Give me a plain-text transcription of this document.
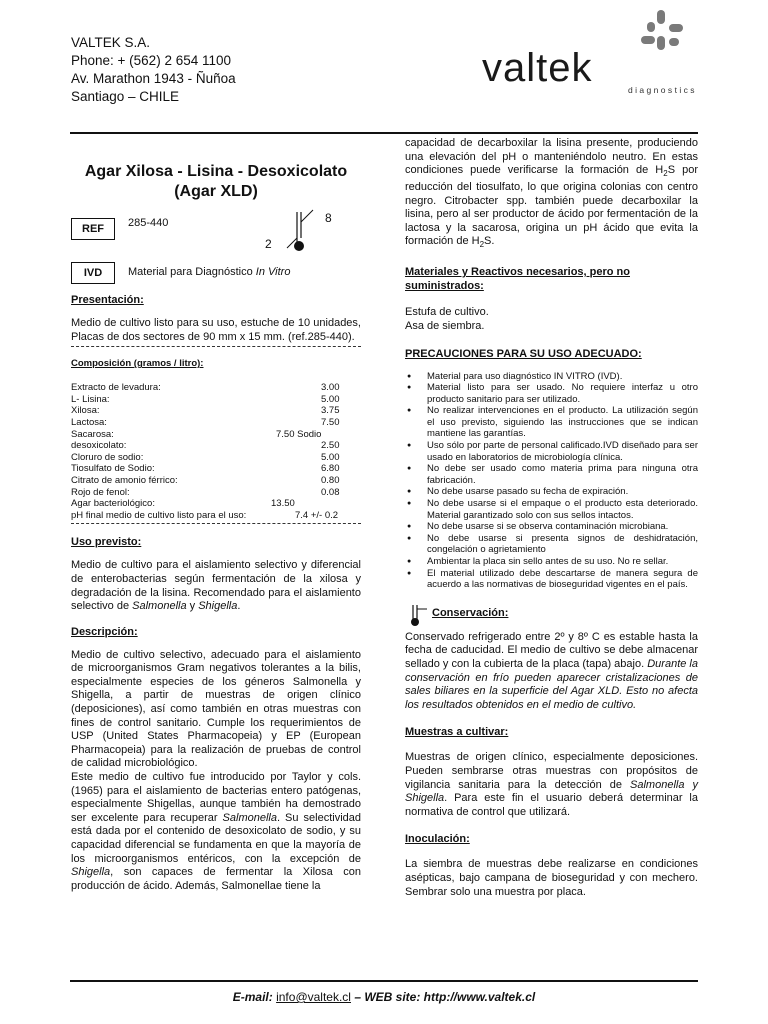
VALTEK S.A.
Phone: + (562) 2 654 1100
Av. Marathon 1943 - Ñuñoa
Santiago – CHILE
valtek	diagnostics
Agar Xilosa - Lisina - Desoxicolato
(Agar XLD)
REF	285-440
2
8
IVD	Material para Diagnóstico In Vitro
Presentación:

Medio de cultivo listo para su uso, estuche de 10 unidades, Placas de dos sectores de 90 mm x 15 mm. (ref.285-440).

Composición (gramos / litro):
Extracto de levadura:	3.00
L- Lisina:	5.00
Xilosa:	3.75
Lactosa:	7.50
Sacarosa:	7.50 Sodio
desoxicolato:	2.50
Cloruro de sodio:	5.00
Tiosulfato de Sodio:	6.80
Citrato de amonio férrico:	0.80
Rojo de fenol:	0.08
Agar bacteriológico:	13.50
pH final medio de cultivo listo para el uso:	7.4 +/- 0.2
Uso previsto:

Medio de cultivo para el aislamiento selectivo y diferencial de enterobacterias según fermentación de la xilosa y degradación de la lisina. Recomendado para el aislamiento selectivo de Salmonella y Shigella.

Descripción:

Medio de cultivo selectivo, adecuado para el aislamiento de microorganismos Gram negativos tolerantes a la bilis, especialmente especies de los géneros Salmonella y Shigella, a partir de muestras de origen clínico (deposiciones), así como también en otras muestras con fines de control sanitario. Cumple los requerimientos de USP (United States Pharmacopeia) y EP (European Pharmacopeia) para la realización de pruebas de control de calidad microbiológico.

Este medio de cultivo fue introducido por Taylor y cols. (1965) para el aislamiento de bacterias entero patógenas, especialmente Shigellas, aunque también ha demostrado ser excelente para recuperar Salmonella. Su selectividad está dada por el contenido de desoxicolato de sodio, y su capacidad diferencial se fundamenta en que la mayoría de los microorganismos entéricos, con la excepción de Shigella, son capaces de fermentar la Xilosa con producción de ácido. Además, Salmonellae tiene la

capacidad de decarboxilar la lisina presente, produciendo una elevación del pH o manteniéndolo neutro. En estas condiciones puede verificarse la formación de $H_2S$ por reducción del tiosulfato, lo que origina colonias con centro negro. Citrobacter spp. también puede decarboxilar la lisina, pero al ser productor de ácido por fermentación de la lactosa y la sacarosa, origina un pH ácido que evita la formación de $H_2S$.

Materiales y Reactivos necesarios, pero no suministrados:

Estufa de cultivo.

Asa de siembra.

PRECAUCIONES PARA SU USO ADECUADO:
● Material para uso diagnóstico IN VITRO (IVD).
● Material listo para ser usado. No requiere interfaz u otro producto sanitario para ser utilizado.
● No realizar intervenciones en el producto. La utilización según el uso previsto, siguiendo las instrucciones que se indican mantiene las garantías.
● Uso sólo por parte de personal calificado.IVD diseñado para ser usado en laboratorios de microbiología clínica.
● No debe ser usado como materia prima para ninguna otra fabricación.
● No debe usarse pasado su fecha de expiración.
● No debe usarse si el empaque o el producto esta deteriorado. Material garantizado solo con sus sellos intactos.
● No debe usarse si se observa contaminación microbiana.
● No debe usarse si presenta signos de deshidratación, congelación o agrietamiento
● Ambientar la placa sin sello antes de su uso. No re sellar.
● El material utilizado debe descartarse de manera segura de acuerdo a las normativas de bioseguridad vigentes en el país.
Conservación:

Conservado refrigerado entre 2º y 8º C es estable hasta la fecha de caducidad. El medio de cultivo se debe almacenar sellado y con la cubierta de la placa (tapa) abajo. Durante la conservación en frío pueden aparecer cristalizaciones de sales biliares en la superficie del Agar XLD. Esto no afecta los resultados obtenidos en el medio de cultivo.

Muestras a cultivar:

Muestras de origen clínico, especialmente deposiciones. Pueden sembrarse otras muestras con propósitos de vigilancia sanitaria para la detección de Salmonella y Shigella. Para este fin el usuario deberá determinar la normativa de control que utilizará.

Inoculación:

La siembra de muestras debe realizarse en condiciones asépticas, bajo campana de bioseguridad y con mechero. Sembrar solo una muestra por placa.

E-mail: info@valtek.cl – WEB site: http://www.valtek.cl
